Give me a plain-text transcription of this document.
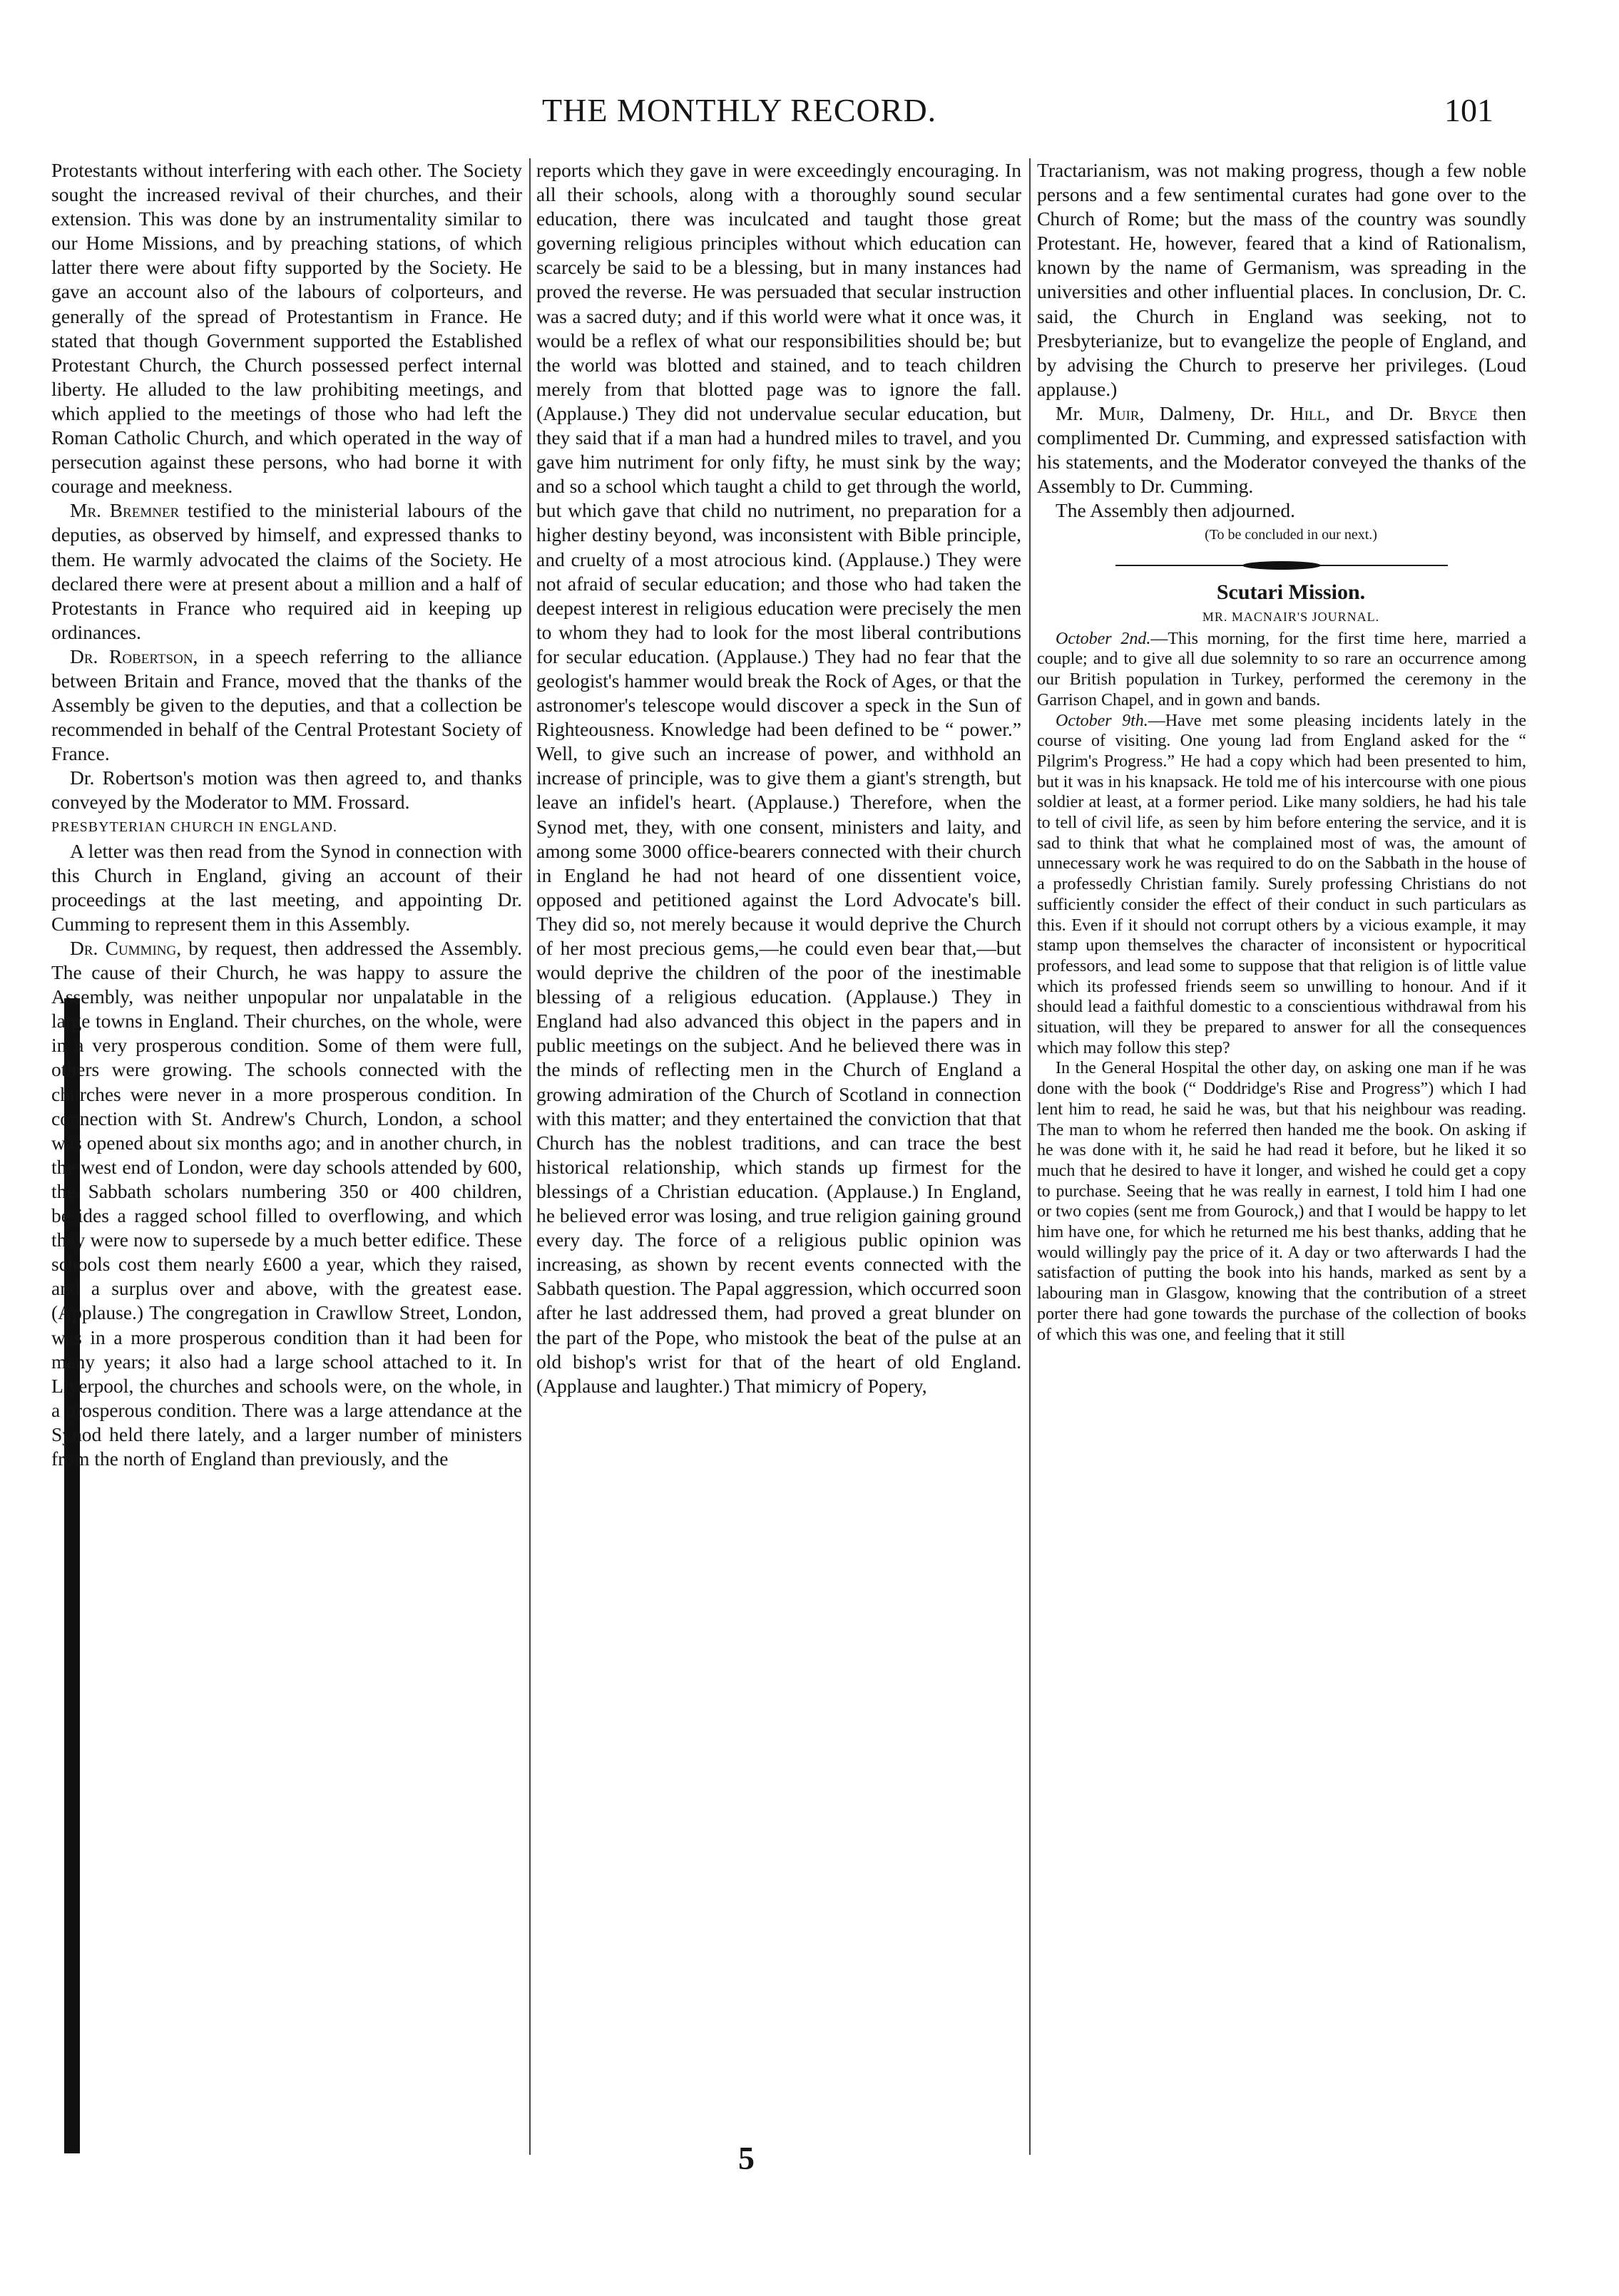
THE MONTHLY RECORD.	101

Protestants without interfering with each other. The Society sought the increased revival of their churches, and their extension. This was done by an instrumentality similar to our Home Missions, and by preaching stations, of which latter there were about fifty supported by the Society. He gave an account also of the labours of colporteurs, and generally of the spread of Protestantism in France. He stated that though Government supported the Established Protestant Church, the Church possessed perfect internal liberty. He alluded to the law prohibiting meetings, and which applied to the meetings of those who had left the Roman Catholic Church, and which operated in the way of persecution against these persons, who had borne it with courage and meekness.

Mr. Bremner testified to the ministerial labours of the deputies, as observed by himself, and expressed thanks to them. He warmly advocated the claims of the Society. He declared there were at present about a million and a half of Protestants in France who required aid in keeping up ordinances.

Dr. Robertson, in a speech referring to the alliance between Britain and France, moved that the thanks of the Assembly be given to the deputies, and that a collection be recommended in behalf of the Central Protestant Society of France.

Dr. Robertson's motion was then agreed to, and thanks conveyed by the Moderator to MM. Frossard.

PRESBYTERIAN CHURCH IN ENGLAND.

A letter was then read from the Synod in connection with this Church in England, giving an account of their proceedings at the last meeting, and appointing Dr. Cumming to represent them in this Assembly.

Dr. Cumming, by request, then addressed the Assembly. The cause of their Church, he was happy to assure the Assembly, was neither unpopular nor unpalatable in the large towns in England. Their churches, on the whole, were in a very prosperous condition. Some of them were full, others were growing. The schools connected with the churches were never in a more prosperous condition. In connection with St. Andrew's Church, London, a school was opened about six months ago; and in another church, in the west end of London, were day schools attended by 600, the Sabbath scholars numbering 350 or 400 children, besides a ragged school filled to overflowing, and which they were now to supersede by a much better edifice. These schools cost them nearly £600 a year, which they raised, and a surplus over and above, with the greatest ease. (Applause.) The congregation in Crawllow Street, London, was in a more prosperous condition than it had been for many years; it also had a large school attached to it. In Liverpool, the churches and schools were, on the whole, in a prosperous condition. There was a large attendance at the Synod held there lately, and a larger number of ministers from the north of England than previously, and the

reports which they gave in were exceedingly encouraging. In all their schools, along with a thoroughly sound secular education, there was inculcated and taught those great governing religious principles without which education can scarcely be said to be a blessing, but in many instances had proved the reverse. He was persuaded that secular instruction was a sacred duty; and if this world were what it once was, it would be a reflex of what our responsibilities should be; but the world was blotted and stained, and to teach children merely from that blotted page was to ignore the fall. (Applause.) They did not undervalue secular education, but they said that if a man had a hundred miles to travel, and you gave him nutriment for only fifty, he must sink by the way; and so a school which taught a child to get through the world, but which gave that child no nutriment, no preparation for a higher destiny beyond, was inconsistent with Bible principle, and cruelty of a most atrocious kind. (Applause.) They were not afraid of secular education; and those who had taken the deepest interest in religious education were precisely the men to whom they had to look for the most liberal contributions for secular education. (Applause.) They had no fear that the geologist's hammer would break the Rock of Ages, or that the astronomer's telescope would discover a speck in the Sun of Righteousness. Knowledge had been defined to be “ power.” Well, to give such an increase of power, and withhold an increase of principle, was to give them a giant's strength, but leave an infidel's heart. (Applause.) Therefore, when the Synod met, they, with one consent, ministers and laity, and among some 3000 office-bearers connected with their church in England he had not heard of one dissentient voice, opposed and petitioned against the Lord Advocate's bill. They did so, not merely because it would deprive the Church of her most precious gems,—he could even bear that,—but would deprive the children of the poor of the inestimable blessing of a religious education. (Applause.) They in England had also advanced this object in the papers and in public meetings on the subject. And he believed there was in the minds of reflecting men in the Church of England a growing admiration of the Church of Scotland in connection with this matter; and they entertained the conviction that that Church has the noblest traditions, and can trace the best historical relationship, which stands up firmest for the blessings of a Christian education. (Applause.) In England, he believed error was losing, and true religion gaining ground every day. The force of a religious public opinion was increasing, as shown by recent events connected with the Sabbath question. The Papal aggression, which occurred soon after he last addressed them, had proved a great blunder on the part of the Pope, who mistook the beat of the pulse at an old bishop's wrist for that of the heart of old England. (Applause and laughter.) That mimicry of Popery,

Tractarianism, was not making progress, though a few noble persons and a few sentimental curates had gone over to the Church of Rome; but the mass of the country was soundly Protestant. He, however, feared that a kind of Rationalism, known by the name of Germanism, was spreading in the universities and other influential places. In conclusion, Dr. C. said, the Church in England was seeking, not to Presbyterianize, but to evangelize the people of England, and by advising the Church to preserve her privileges. (Loud applause.)

Mr. Muir, Dalmeny, Dr. Hill, and Dr. Bryce then complimented Dr. Cumming, and expressed satisfaction with his statements, and the Moderator conveyed the thanks of the Assembly to Dr. Cumming.

The Assembly then adjourned.

(To be concluded in our next.)

Scutari Mission.

MR. MACNAIR'S JOURNAL.

October 2nd.—This morning, for the first time here, married a couple; and to give all due solemnity to so rare an occurrence among our British population in Turkey, performed the ceremony in the Garrison Chapel, and in gown and bands.

October 9th.—Have met some pleasing incidents lately in the course of visiting. One young lad from England asked for the “ Pilgrim's Progress.” He had a copy which had been presented to him, but it was in his knapsack. He told me of his intercourse with one pious soldier at least, at a former period. Like many soldiers, he had his tale to tell of civil life, as seen by him before entering the service, and it is sad to think that what he complained most of was, the amount of unnecessary work he was required to do on the Sabbath in the house of a professedly Christian family. Surely professing Christians do not sufficiently consider the effect of their conduct in such particulars as this. Even if it should not corrupt others by a vicious example, it may stamp upon themselves the character of inconsistent or hypocritical professors, and lead some to suppose that that religion is of little value which its professed friends seem so unwilling to honour. And if it should lead a faithful domestic to a conscientious withdrawal from his situation, will they be prepared to answer for all the consequences which may follow this step?

In the General Hospital the other day, on asking one man if he was done with the book (“ Doddridge's Rise and Progress”) which I had lent him to read, he said he was, but that his neighbour was reading. The man to whom he referred then handed me the book. On asking if he was done with it, he said he had read it before, but he liked it so much that he desired to have it longer, and wished he could get a copy to purchase. Seeing that he was really in earnest, I told him I had one or two copies (sent me from Gourock,) and that I would be happy to let him have one, for which he returned me his best thanks, adding that he would willingly pay the price of it. A day or two afterwards I had the satisfaction of putting the book into his hands, marked as sent by a labouring man in Glasgow, knowing that the contribution of a street porter there had gone towards the purchase of the collection of books of which this was one, and feeling that it still

5
